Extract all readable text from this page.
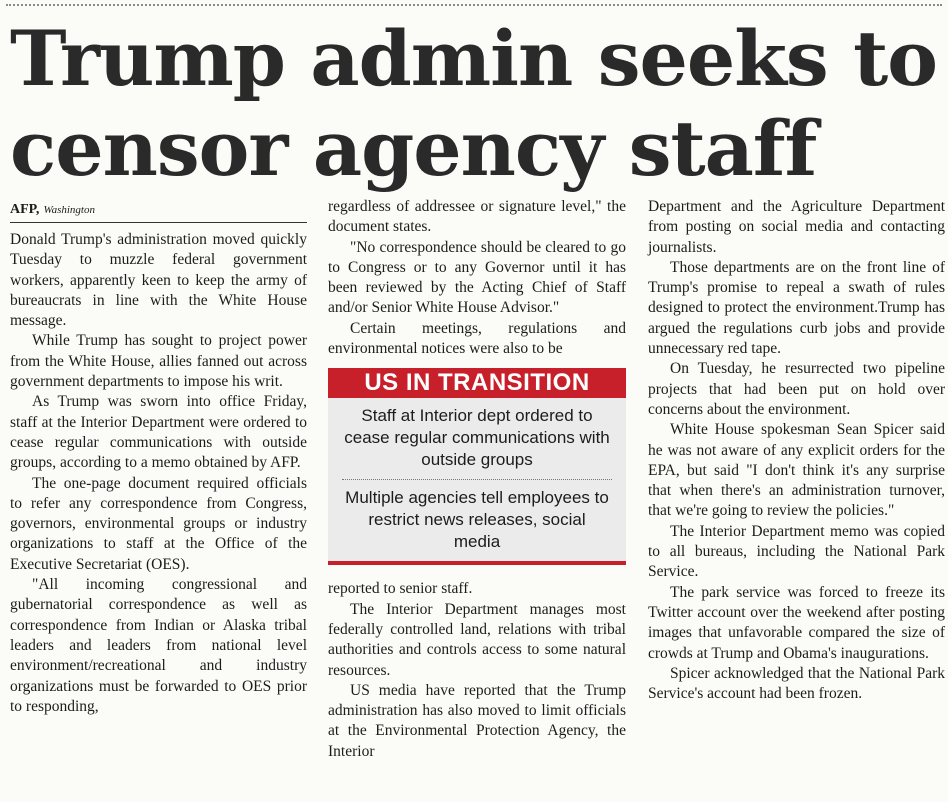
Trump admin seeks to censor agency staff
AFP, Washington

Donald Trump's administration moved quickly Tuesday to muzzle federal government workers, apparently keen to keep the army of bureaucrats in line with the White House message.

While Trump has sought to project power from the White House, allies fanned out across government departments to impose his writ.

As Trump was sworn into office Friday, staff at the Interior Department were ordered to cease regular communications with outside groups, according to a memo obtained by AFP.

The one-page document required officials to refer any correspondence from Congress, governors, environmental groups or industry organizations to staff at the Office of the Executive Secretariat (OES).

"All incoming congressional and gubernatorial correspondence as well as correspondence from Indian or Alaska tribal leaders and leaders from national level environment/recreational and industry organizations must be forwarded to OES prior to responding,

regardless of addressee or signature level," the document states.

"No correspondence should be cleared to go to Congress or to any Governor until it has been reviewed by the Acting Chief of Staff and/or Senior White House Advisor."

Certain meetings, regulations and environmental notices were also to be

US IN TRANSITION
Staff at Interior dept ordered to cease regular communications with outside groups
Multiple agencies tell employees to restrict news releases, social media

reported to senior staff.

The Interior Department manages most federally controlled land, relations with tribal authorities and controls access to some natural resources.

US media have reported that the Trump administration has also moved to limit officials at the Environmental Protection Agency, the Interior

Department and the Agriculture Department from posting on social media and contacting journalists.

Those departments are on the front line of Trump's promise to repeal a swath of rules designed to protect the environment.Trump has argued the regulations curb jobs and provide unnecessary red tape.

On Tuesday, he resurrected two pipeline projects that had been put on hold over concerns about the environment.

White House spokesman Sean Spicer said he was not aware of any explicit orders for the EPA, but said "I don't think it's any surprise that when there's an administration turnover, that we're going to review the policies."

The Interior Department memo was copied to all bureaus, including the National Park Service.

The park service was forced to freeze its Twitter account over the weekend after posting images that unfavorable compared the size of crowds at Trump and Obama's inaugurations.

Spicer acknowledged that the National Park Service's account had been frozen.
